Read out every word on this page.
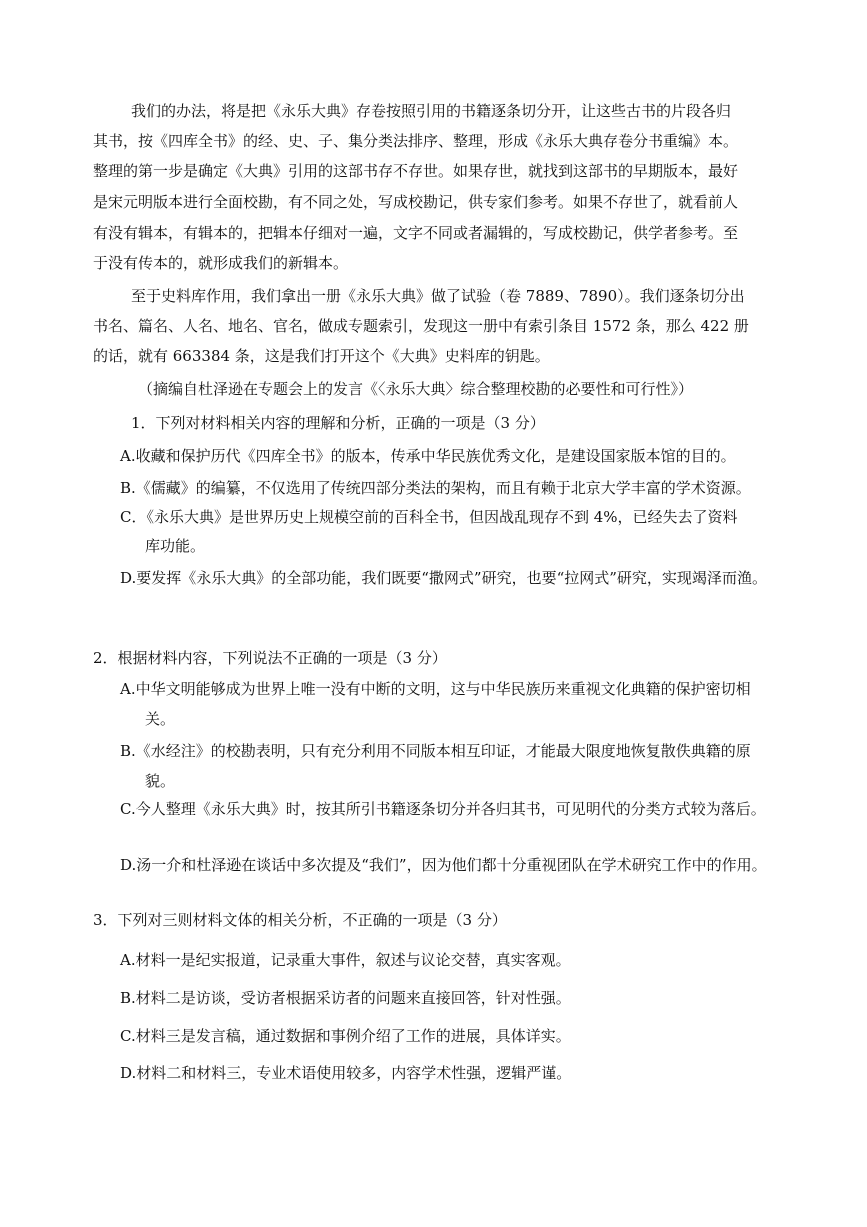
我们的办法，将是把《永乐大典》存卷按照引用的书籍逐条切分开，让这些古书的片段各归
其书，按《四库全书》的经、史、子、集分类法排序、整理，形成《永乐大典存卷分书重编》本。
整理的第一步是确定《大典》引用的这部书存不存世。如果存世，就找到这部书的早期版本，最好
是宋元明版本进行全面校勘，有不同之处，写成校勘记，供专家们参考。如果不存世了，就看前人
有没有辑本，有辑本的，把辑本仔细对一遍，文字不同或者漏辑的，写成校勘记，供学者参考。至
于没有传本的，就形成我们的新辑本。
至于史料库作用，我们拿出一册《永乐大典》做了试验（卷 7889、7890）。我们逐条切分出
书名、篇名、人名、地名、官名，做成专题索引，发现这一册中有索引条目 1572 条，那么 422 册
的话，就有 663384 条，这是我们打开这个《大典》史料库的钥匙。
（摘编自杜泽逊在专题会上的发言《〈永乐大典〉综合整理校勘的必要性和可行性》）
1．下列对材料相关内容的理解和分析，正确的一项是（3 分）
A.收藏和保护历代《四库全书》的版本，传承中华民族优秀文化，是建设国家版本馆的目的。
B.《儒藏》的编纂，不仅选用了传统四部分类法的架构，而且有赖于北京大学丰富的学术资源。
C．《永乐大典》是世界历史上规模空前的百科全书，但因战乱现存不到 4%，已经失去了资料
库功能。
D.要发挥《永乐大典》的全部功能，我们既要“撒网式”研究，也要“拉网式”研究，实现竭泽而渔。
2．根据材料内容，下列说法不正确的一项是（3 分）
A.中华文明能够成为世界上唯一没有中断的文明，这与中华民族历来重视文化典籍的保护密切相
关。
B.《水经注》的校勘表明，只有充分利用不同版本相互印证，才能最大限度地恢复散佚典籍的原
貌。
C.今人整理《永乐大典》时，按其所引书籍逐条切分并各归其书，可见明代的分类方式较为落后。
D.汤一介和杜泽逊在谈话中多次提及“我们”，因为他们都十分重视团队在学术研究工作中的作用。
3．下列对三则材料文体的相关分析，不正确的一项是（3 分）
A.材料一是纪实报道，记录重大事件，叙述与议论交替，真实客观。
B.材料二是访谈，受访者根据采访者的问题来直接回答，针对性强。
C.材料三是发言稿，通过数据和事例介绍了工作的进展，具体详实。
D.材料二和材料三，专业术语使用较多，内容学术性强，逻辑严谨。
